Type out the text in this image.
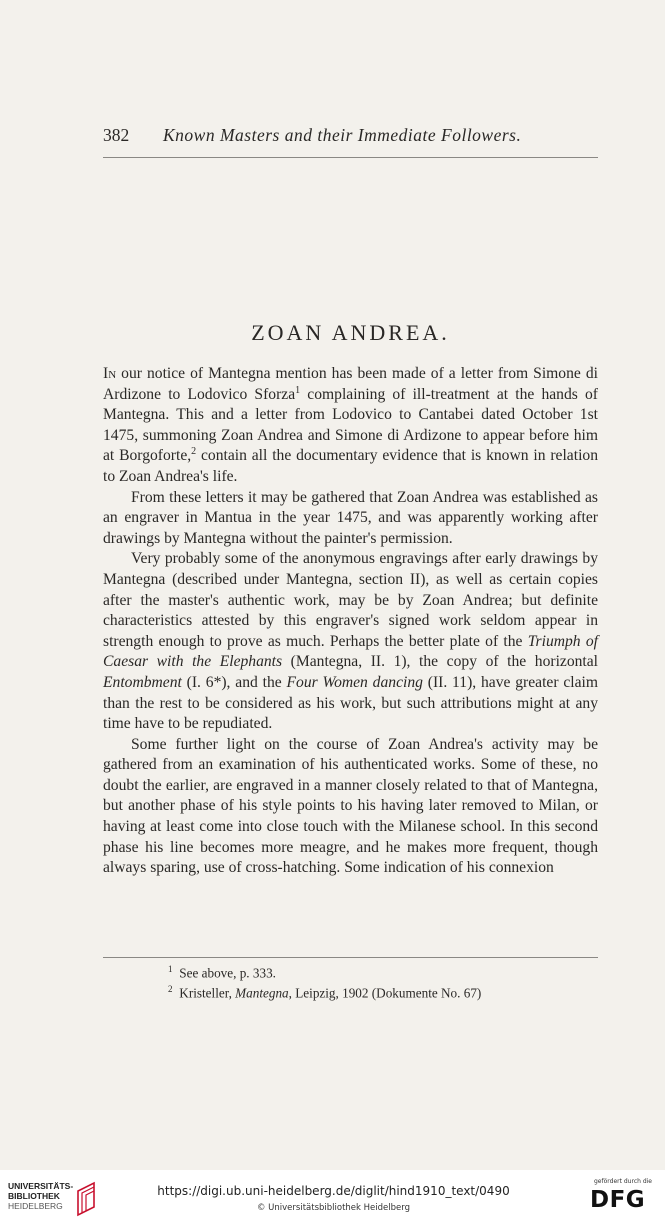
382 Known Masters and their Immediate Followers.
ZOAN ANDREA.

In our notice of Mantegna mention has been made of a letter from Simone di Ardizone to Lodovico Sforza$^1$ complaining of ill-treatment at the hands of Mantegna. This and a letter from Lodovico to Cantabei dated October 1st 1475, summoning Zoan Andrea and Simone di Ardizone to appear before him at Borgoforte,$^2$ contain all the documentary evidence that is known in relation to Zoan Andrea's life.

From these letters it may be gathered that Zoan Andrea was established as an engraver in Mantua in the year 1475, and was apparently working after drawings by Mantegna without the painter's permission.

Very probably some of the anonymous engravings after early drawings by Mantegna (described under Mantegna, section II), as well as certain copies after the master's authentic work, may be by Zoan Andrea; but definite characteristics attested by this engraver's signed work seldom appear in strength enough to prove as much. Perhaps the better plate of the Triumph of Caesar with the Elephants (Mantegna, II. 1), the copy of the horizontal Entombment (I. 6*), and the Four Women dancing (II. 11), have greater claim than the rest to be considered as his work, but such attributions might at any time have to be repudiated.

Some further light on the course of Zoan Andrea's activity may be gathered from an examination of his authenticated works. Some of these, no doubt the earlier, are engraved in a manner closely related to that of Mantegna, but another phase of his style points to his having later removed to Milan, or having at least come into close touch with the Milanese school. In this second phase his line becomes more meagre, and he makes more frequent, though always sparing, use of cross-hatching. Some indication of his connexion

1 See above, p. 333.
2 Kristeller, Mantegna, Leipzig, 1902 (Dokumente No. 67)
UNIVERSITÄTS-
BIBLIOTHEK
HEIDELBERG
https://digi.ub.uni-heidelberg.de/diglit/hind1910_text/0490
© Universitätsbibliothek Heidelberg
gefördert durch die
DFG
